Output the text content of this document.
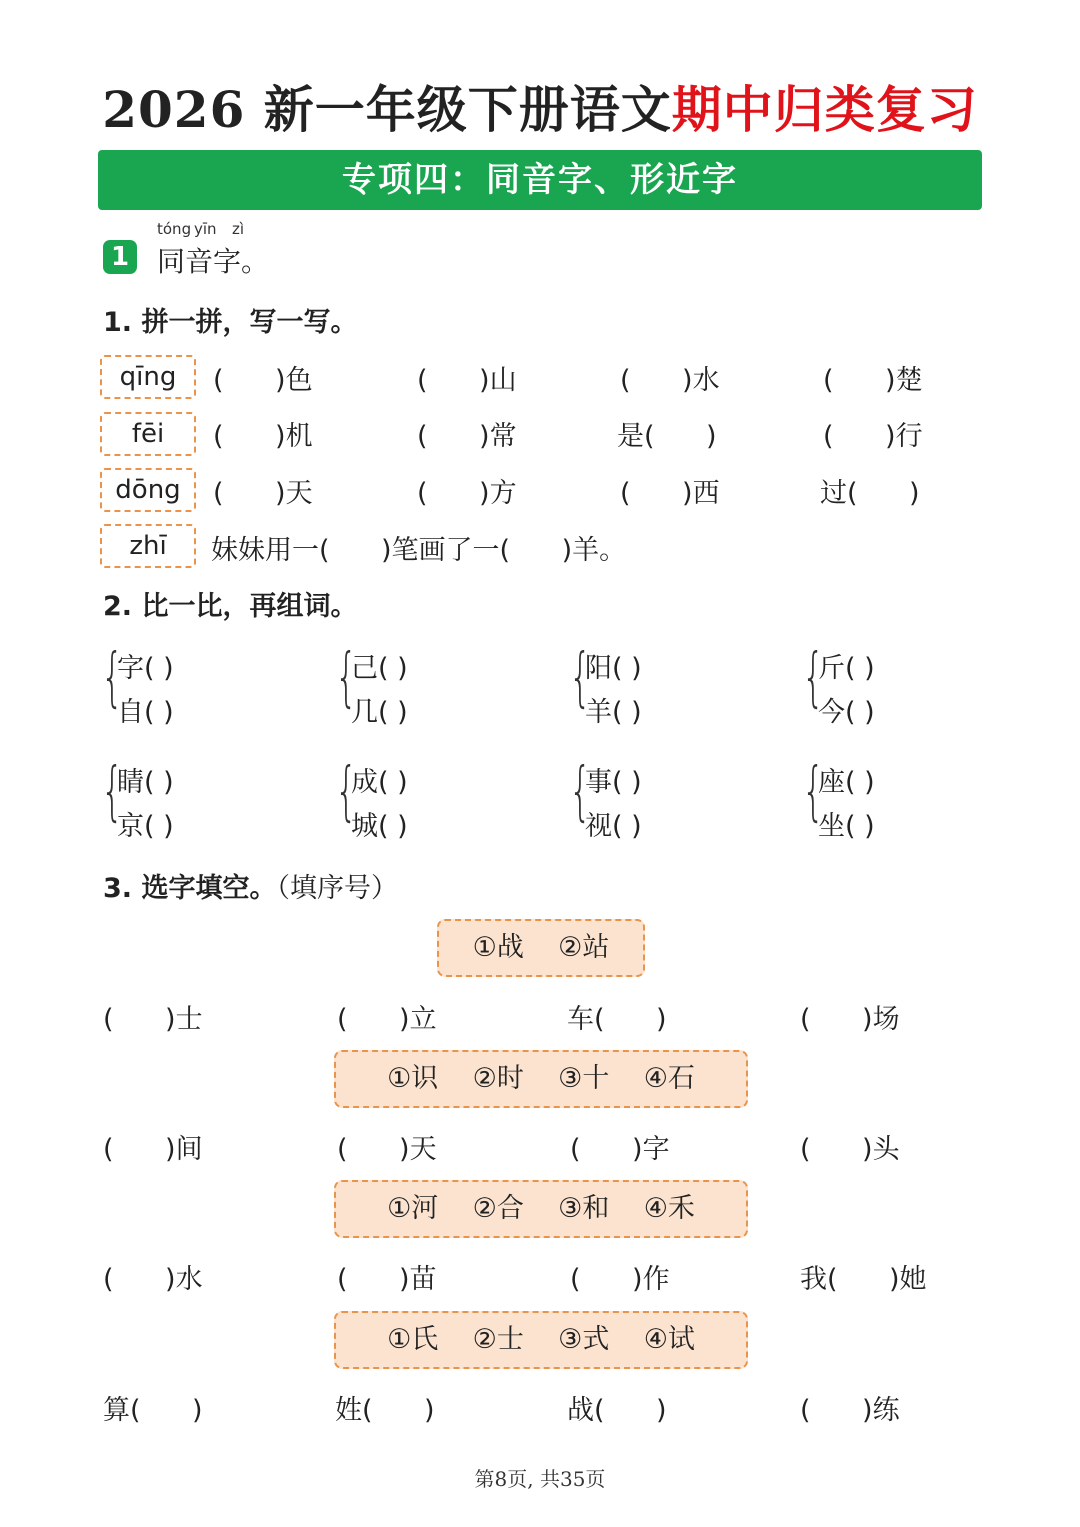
2026 新一年级下册语文期中归类复习
专项四：同音字、形近字
1
tóng yīn zì
同音字。
1. 拼一拼，写一写。
qīng	(      )色	(      )山	(      )水	(      )楚
fēi	(      )机	(      )常	是(      )	(      )行
dōng	(      )天	(      )方	(      )西	过(      )
zhī	妹妹用一(      )笔画了一(      )羊。
2. 比一比，再组词。
{
字( )
自( )	{
己( )
几( )	{
阳( )
羊( )	{
斤( )
今( )
{
睛( )
京( )	{
成( )
城( )	{
事( )
视( )	{
座( )
坐( )
3. 选字填空。（填序号）
①战    ②站
(      )士	(      )立	车(      )	(      )场
①识    ②时    ③十    ④石
(      )间	(      )天	(      )字	(      )头
①河    ②合    ③和    ④禾
(      )水	(      )苗	(      )作	我(      )她
①氏    ②士    ③式    ④试
算(      )	姓(      )	战(      )	(      )练
第8页, 共35页
